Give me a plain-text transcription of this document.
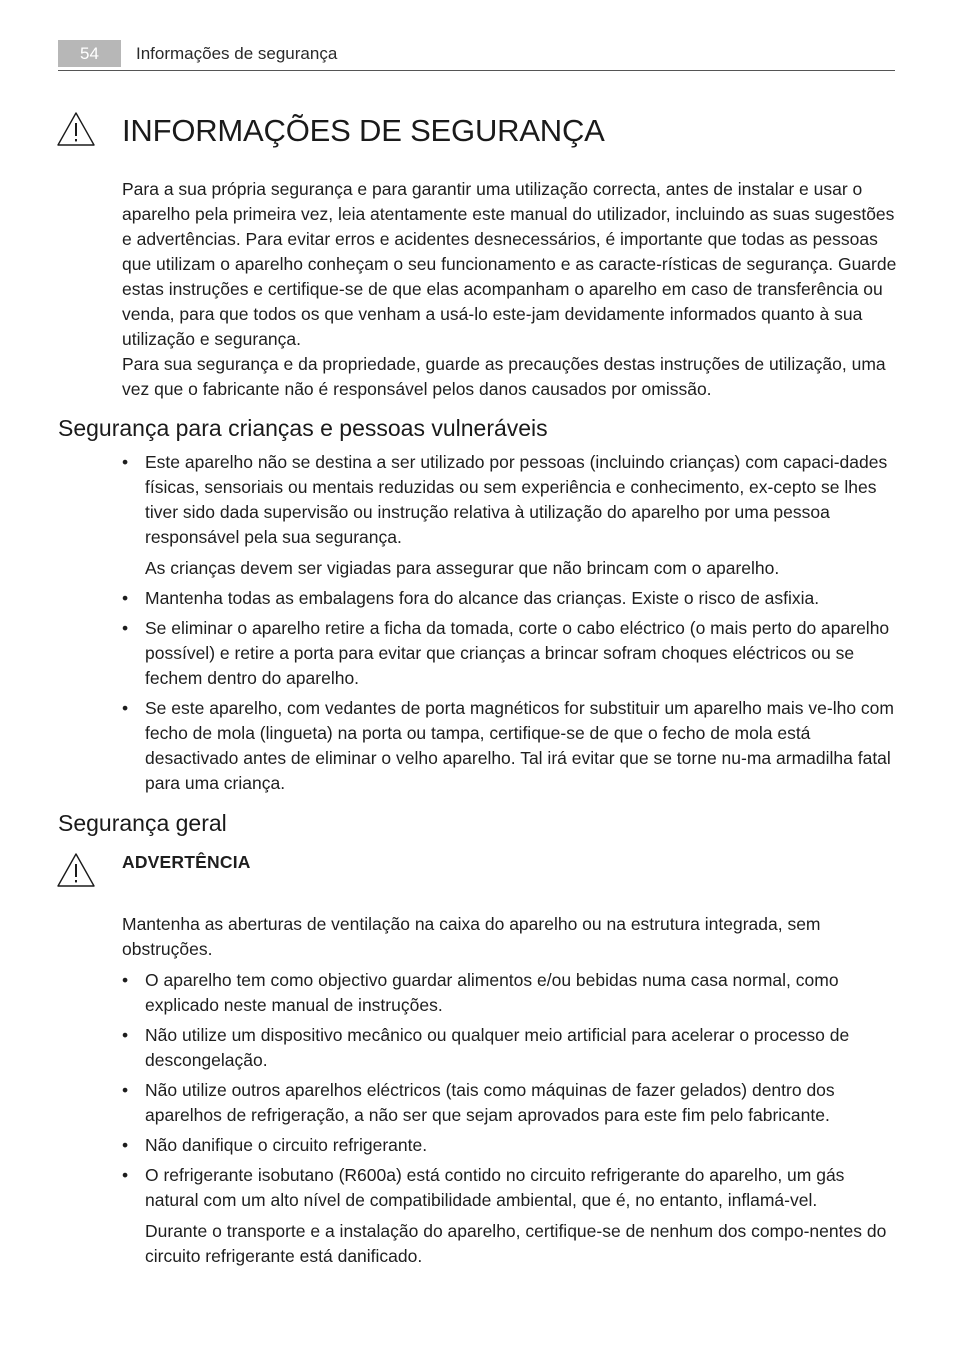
54	Informações de segurança
INFORMAÇÕES DE SEGURANÇA

Para a sua própria segurança e para garantir uma utilização correcta, antes de instalar e usar o aparelho pela primeira vez, leia atentamente este manual do utilizador, incluindo as suas sugestões e advertências. Para evitar erros e acidentes desnecessários, é importante que todas as pessoas que utilizam o aparelho conheçam o seu funcionamento e as caracte-rísticas de segurança. Guarde estas instruções e certifique-se de que elas acompanham o aparelho em caso de transferência ou venda, para que todos os que venham a usá-lo este-jam devidamente informados quanto à sua utilização e segurança.

Para sua segurança e da propriedade, guarde as precauções destas instruções de utilização, uma vez que o fabricante não é responsável pelos danos causados por omissão.

Segurança para crianças e pessoas vulneráveis
• Este aparelho não se destina a ser utilizado por pessoas (incluindo crianças) com capaci-dades físicas, sensoriais ou mentais reduzidas ou sem experiência e conhecimento, ex-cepto se lhes tiver sido dada supervisão ou instrução relativa à utilização do aparelho por uma pessoa responsável pela sua segurança.
As crianças devem ser vigiadas para assegurar que não brincam com o aparelho.
• Mantenha todas as embalagens fora do alcance das crianças. Existe o risco de asfixia.
• Se eliminar o aparelho retire a ficha da tomada, corte o cabo eléctrico (o mais perto do aparelho possível) e retire a porta para evitar que crianças a brincar sofram choques eléctricos ou se fechem dentro do aparelho.
• Se este aparelho, com vedantes de porta magnéticos for substituir um aparelho mais ve-lho com fecho de mola (lingueta) na porta ou tampa, certifique-se de que o fecho de mola está desactivado antes de eliminar o velho aparelho. Tal irá evitar que se torne nu-ma armadilha fatal para uma criança.
Segurança geral
ADVERTÊNCIA

Mantenha as aberturas de ventilação na caixa do aparelho ou na estrutura integrada, sem obstruções.

• O aparelho tem como objectivo guardar alimentos e/ou bebidas numa casa normal, como explicado neste manual de instruções.
• Não utilize um dispositivo mecânico ou qualquer meio artificial para acelerar o processo de descongelação.
• Não utilize outros aparelhos eléctricos (tais como máquinas de fazer gelados) dentro dos aparelhos de refrigeração, a não ser que sejam aprovados para este fim pelo fabricante.
• Não danifique o circuito refrigerante.
• O refrigerante isobutano (R600a) está contido no circuito refrigerante do aparelho, um gás natural com um alto nível de compatibilidade ambiental, que é, no entanto, inflamá-vel.
Durante o transporte e a instalação do aparelho, certifique-se de nenhum dos compo-nentes do circuito refrigerante está danificado.
